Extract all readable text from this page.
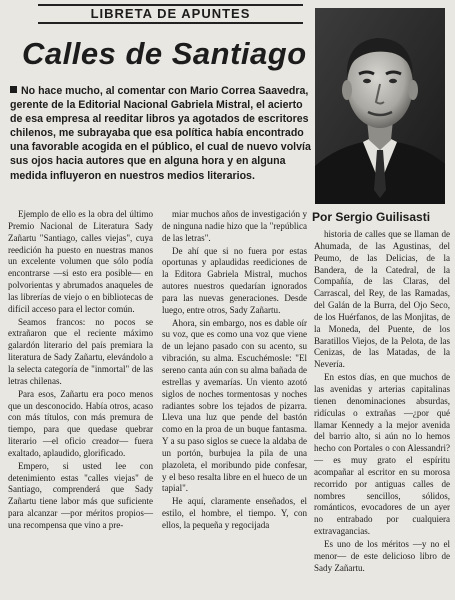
LIBRETA DE APUNTES
Calles de Santiago
No hace mucho, al comentar con Mario Correa Saavedra, gerente de la Editorial Nacional Gabriela Mistral, el acierto de esa empresa al reeditar libros ya agotados de escritores chilenos, me subrayaba que esa política había encontrado una favorable acogida en el público, el cual de nuevo volvía sus ojos hacia autores que en alguna hora y en alguna medida influyeron en nuestros medios literarios.
Por Sergio Guilisasti

Ejemplo de ello es la obra del último Premio Nacional de Literatura Sady Zañartu "Santiago, calles viejas", cuya reedición ha puesto en nuestras manos un excelente volumen que sólo podía encontrarse —si esto era posible— en polvorientas y abrumados anaqueles de las librerías de viejo o en bibliotecas de difícil acceso para el lector común.

Seamos francos: no pocos se extrañaron que el reciente máximo galardón literario del país premiara la literatura de Sady Zañartu, elevándolo a la selecta categoría de "inmortal" de las letras chilenas.

Para esos, Zañartu era poco menos que un desconocido. Había otros, acaso con más títulos, con más premura de tiempo, para que quedase quebrar literario —el oficio creador— fuera exaltado, aplaudido, glorificado.

Empero, si usted lee con detenimiento estas "calles viejas" de Santiago, comprenderá que Sady Zañartu tiene labor más que suficiente para alcanzar —por méritos propios— una recompensa que vino a pre-

miar muchos años de investigación y de ninguna nadie hizo que la "república de las letras".

De ahí que si no fuera por estas oportunas y aplaudidas reediciones de la Editora Gabriela Mistral, muchos autores nuestros quedarían ignorados para las nuevas generaciones. Desde luego, entre otros, Sady Zañartu.

Ahora, sin embargo, nos es dable oír su voz, que es como una voz que viene de un lejano pasado con su acento, su vibración, su alma. Escuchémosle: "El sereno canta aún con su alma bañada de estrellas y avemarías. Un viento azotó siglos de noches tormentosas y noches radiantes sobre los tejados de pizarra. Lleva una luz que pende del bastón como en la proa de un buque fantasma. Y a su paso siglos se cuece la aldaba de un portón, burbujea la pila de una plazoleta, el moribundo pide confesar, y el beso resalta libre en el hueco de un tapial".

He aquí, claramente enseñados, el estilo, el hombre, el tiempo. Y, con ellos, la pequeña y regocijada

historia de calles que se llaman de Ahumada, de las Agustinas, del Peumo, de las Delicias, de la Bandera, de la Catedral, de la Compañía, de las Claras, del Carrascal, del Rey, de las Ramadas, del Galán de la Burra, del Ojo Seco, de los Huérfanos, de las Monjitas, de la Moneda, del Puente, de los Baratillos Viejos, de la Pelota, de las Cenizas, de las Matadas, de la Nevería.

En estos días, en que muchos de las avenidas y arterias capitalinas tienen denominaciones absurdas, ridículas o extrañas —¿por qué llamar Kennedy a la mejor avenida del barrio alto, si aún no lo hemos hecho con Portales o con Alessandri?— es muy grato el espíritu acompañar al escritor en su morosa recorrido por antiguas calles de nombres sencillos, sólidos, románticos, evocadores de un ayer no entrabado por cualquiera extravagancias.

Es uno de los méritos —y no el menor— de este delicioso libro de Sady Zañartu.
